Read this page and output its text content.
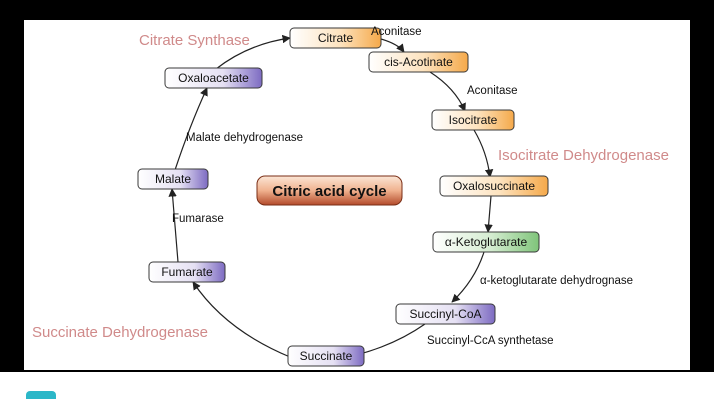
Citrate
cis-Acotinate
Isocitrate
Oxalosuccinate
α-Ketoglutarate
Succinyl-CoA
Succinate
Fumarate
Malate
Oxaloacetate
Citric acid cycle
Aconitase
Aconitase
Isocitrate Dehydrogenase
α-ketoglutarate dehydrognase
Succinyl-CcA synthetase
Succinate Dehydrogenase
Fumarase
Malate dehydrogenase
Citrate Synthase
